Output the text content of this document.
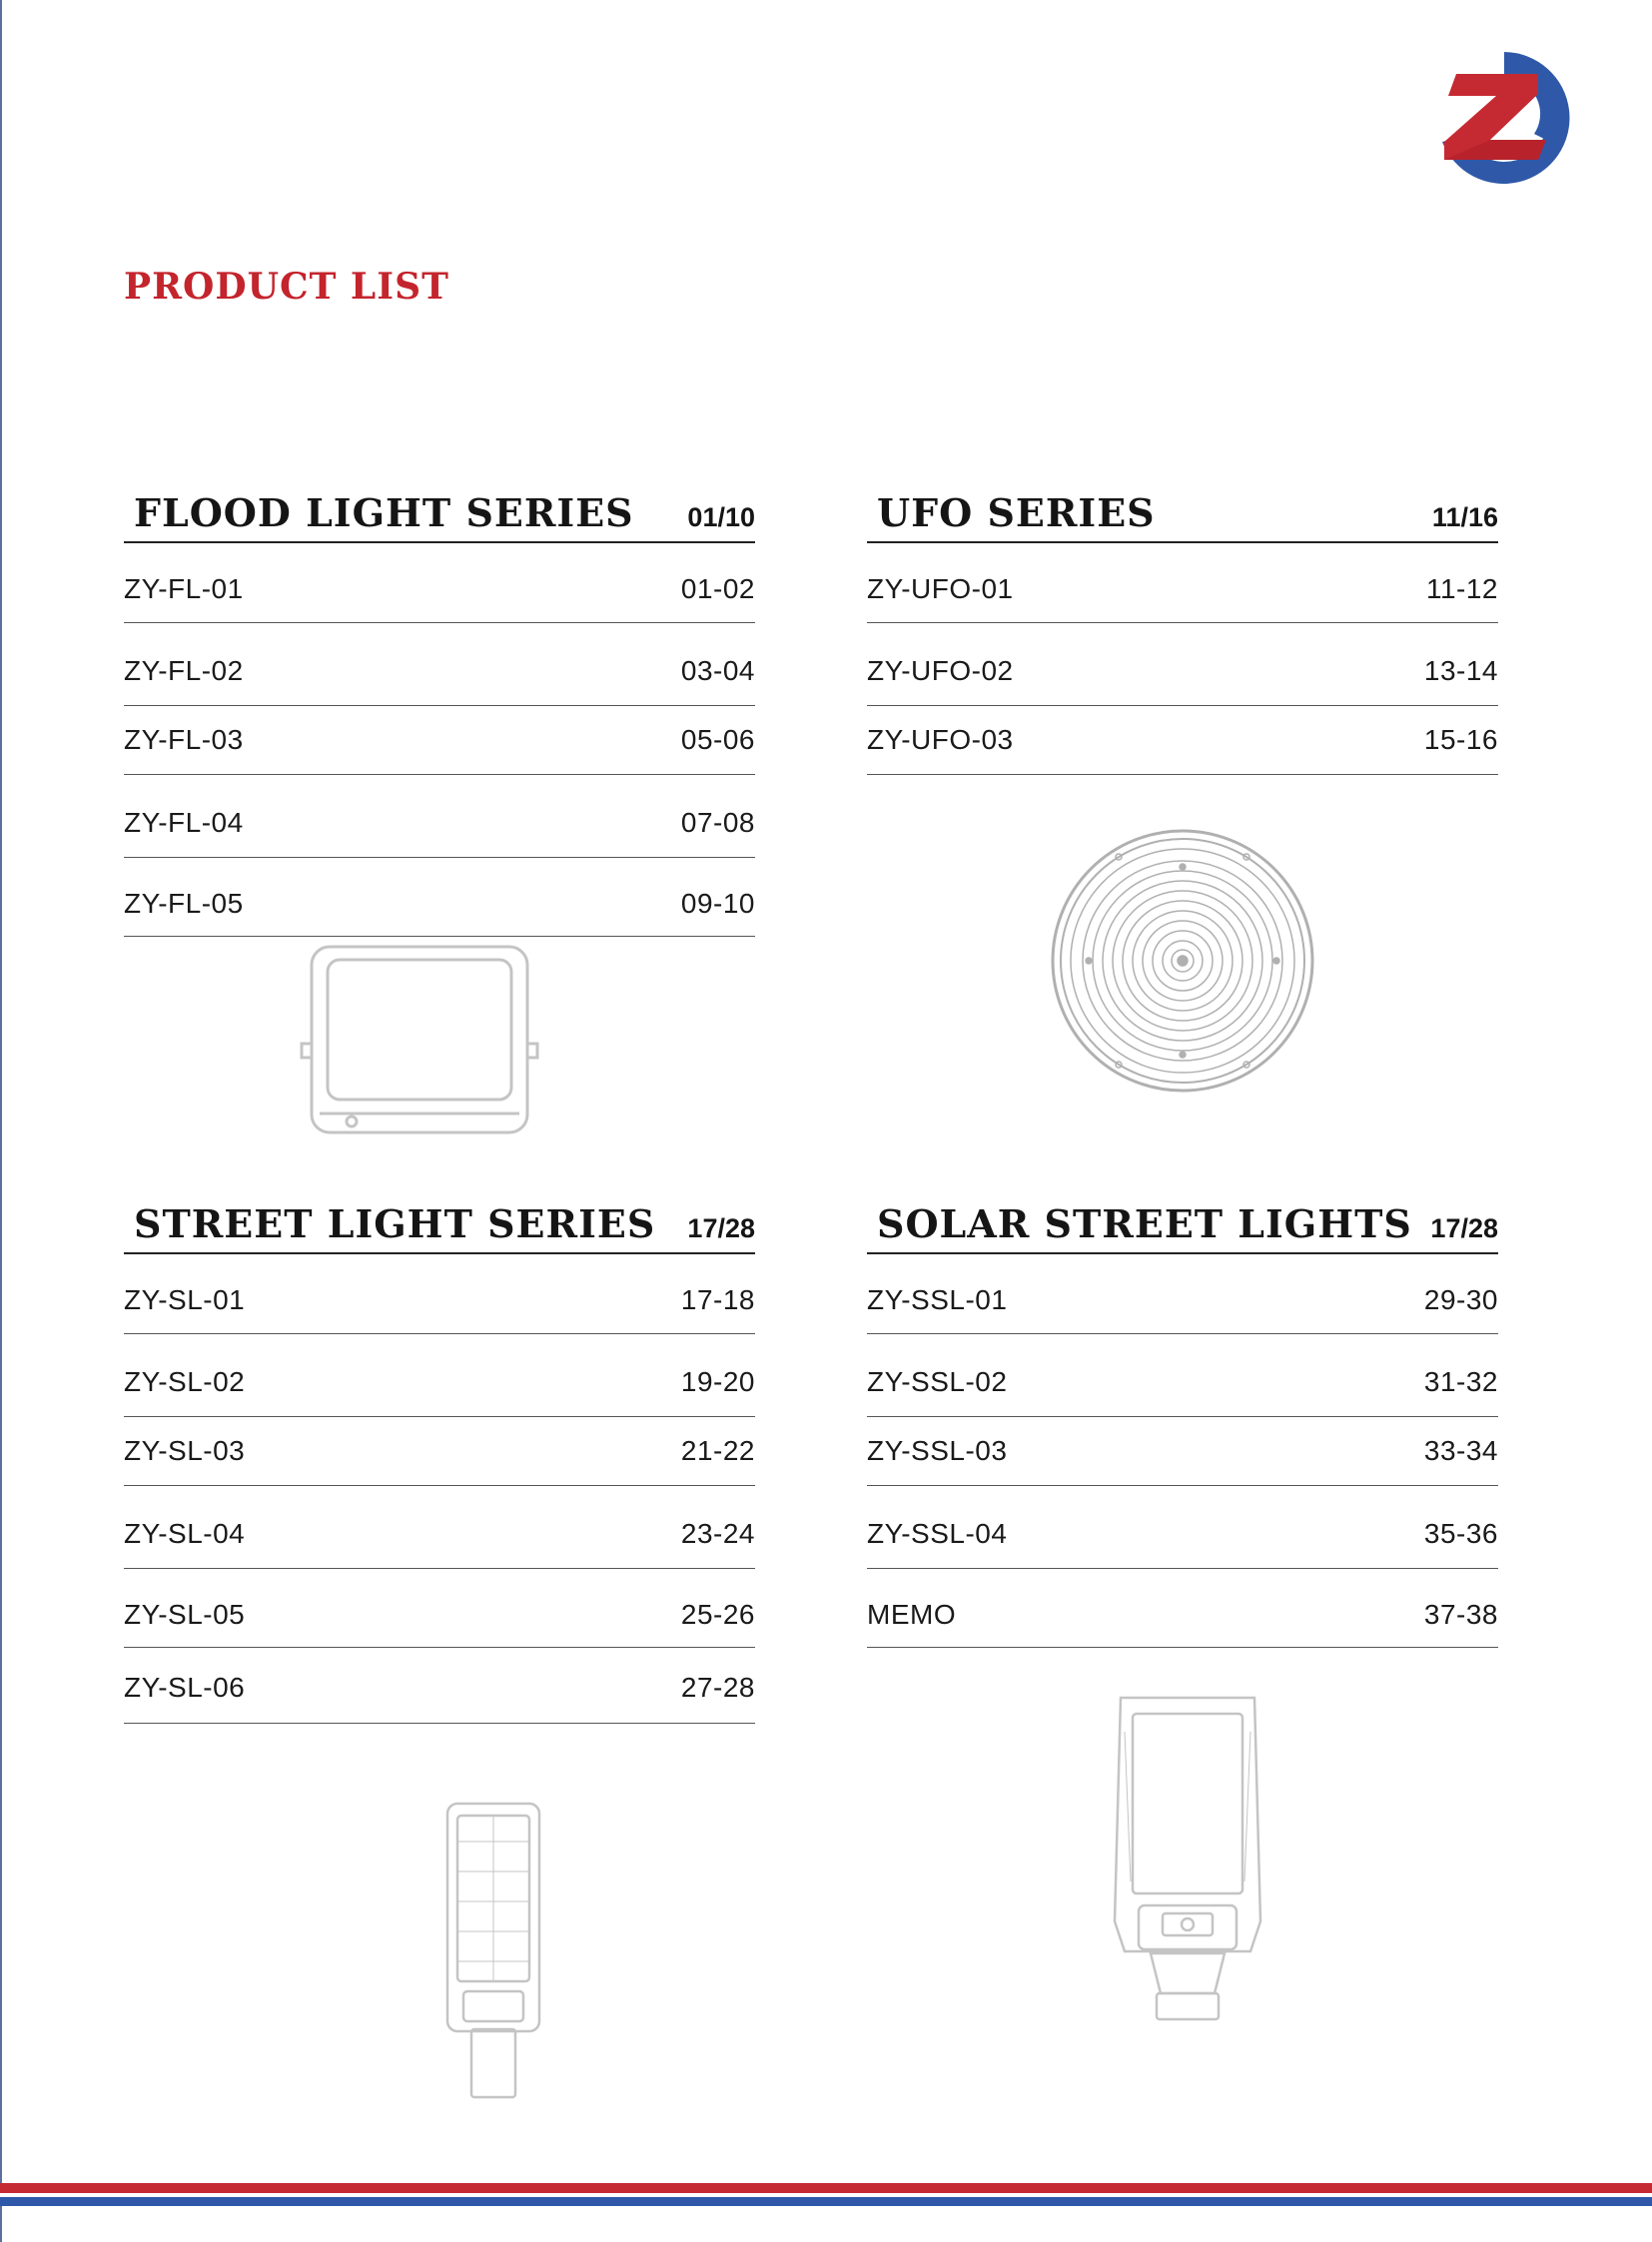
PRODUCT LIST
FLOOD LIGHT SERIES 01/10
ZY-FL-01	01-02
ZY-FL-02	03-04
ZY-FL-03	05-06
ZY-FL-04	07-08
ZY-FL-05	09-10
UFO SERIES	11/16
ZY-UFO-01	11-12
ZY-UFO-02	13-14
ZY-UFO-03	15-16
STREET LIGHT SERIES 17/28
ZY-SL-01	17-18
ZY-SL-02	19-20
ZY-SL-03	21-22
ZY-SL-04	23-24
ZY-SL-05	25-26
ZY-SL-06	27-28
SOLAR STREET LIGHTS 17/28
ZY-SSL-01	29-30
ZY-SSL-02	31-32
ZY-SSL-03	33-34
ZY-SSL-04	35-36
MEMO	37-38
